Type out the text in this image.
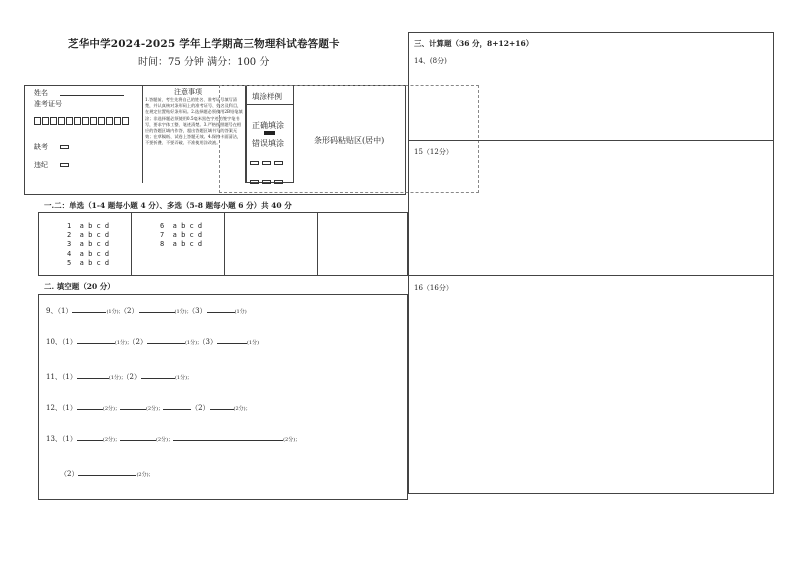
芝华中学2024-2025 学年上学期高三物理科试卷答题卡
时间：75 分钟 满分：100 分
姓名
准考证号
缺考
违纪
注意事项
1.答题前，考生先将自己的姓名、准考证号填写清楚，并认真核对条形码上的准考证号、姓名及科目，在规定位置贴好条形码。2.选择题必须使用2B铅笔填涂；非选择题必须使用0.5毫米黑色字迹的签字笔书写，要求字体工整、笔迹清楚。3.严格按照题号在相应的答题区域内作答，超出答题区域书写的答案无效；在草稿纸、试卷上答题无效。4.保持卡面清洁，不要折叠、不要弄破、不准使用涂改液。
填涂样例
正确填涂
错误填涂	条形码粘贴区(居中)
一.二：单选（1-4 题每小题 4 分）、多选（5-8 题每小题 6 分）共 40 分
1  a b c d
2  a b c d
3  a b c d
4  a b c d
5  a b c d
6  a b c d
7  a b c d
8  a b c d
二. 填空题（20 分）
9、（1）	(1分)；（2）	(1分)；（3）	(1分)
10、（1）	(1分)；（2）	(1分)；（3）	(1分)
11、（1）	(1分)；（2）	(1分)；
12、（1）	(2分)；	(2分)；	（2）	(2分)；
13、（1）	(2分)；	(2分)；	(2分)；
（2）	(2分)；
三、计算题（36 分，8+12+16）
14、(8分)
15（12分）
16（16分）
